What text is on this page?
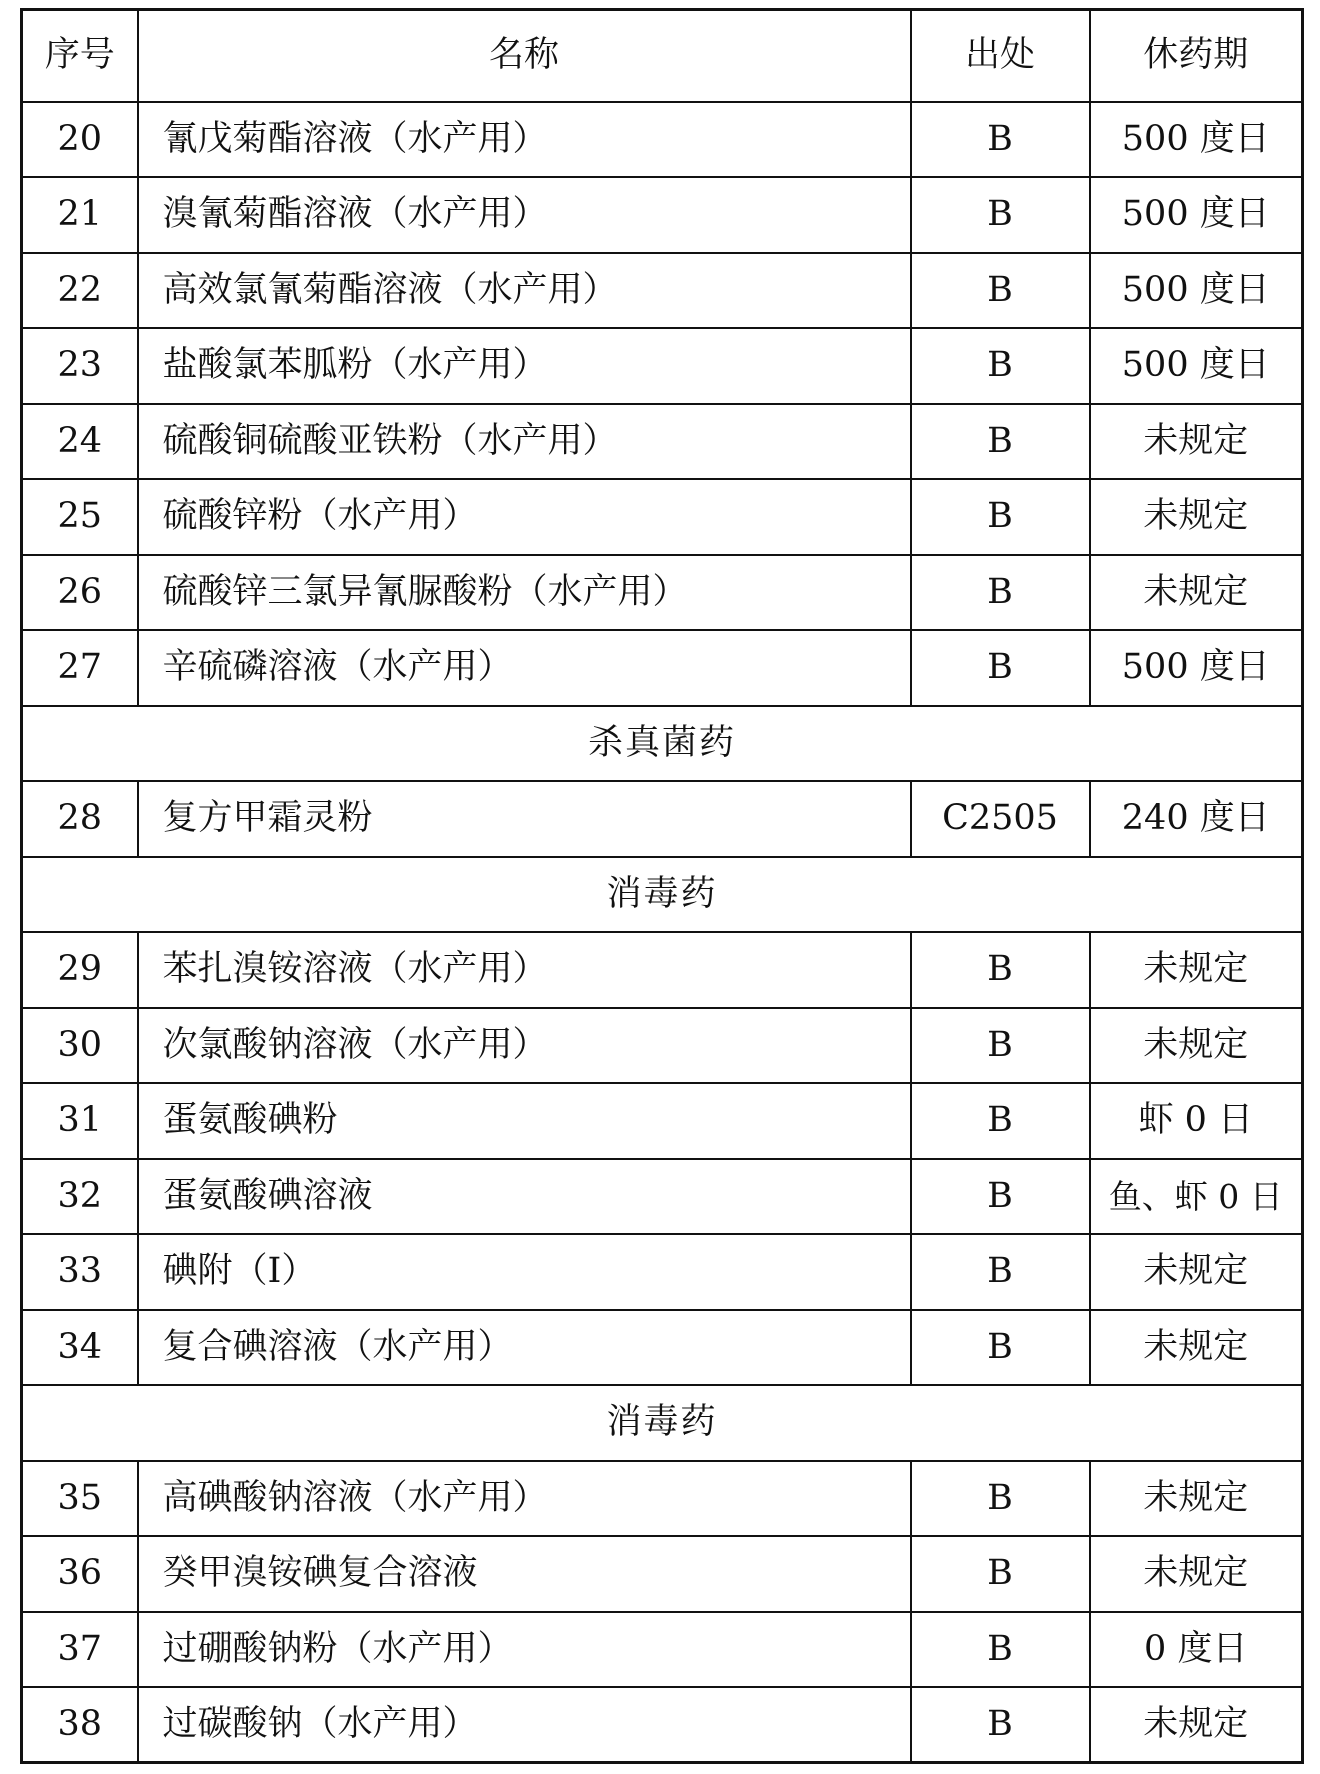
序号	名称	出处	休药期
20	氰戊菊酯溶液（水产用）	B	500 度日
21	溴氰菊酯溶液（水产用）	B	500 度日
22	高效氯氰菊酯溶液（水产用）	B	500 度日
23	盐酸氯苯胍粉（水产用）	B	500 度日
24	硫酸铜硫酸亚铁粉（水产用）	B	未规定
25	硫酸锌粉（水产用）	B	未规定
26	硫酸锌三氯异氰脲酸粉（水产用）	B	未规定
27	辛硫磷溶液（水产用）	B	500 度日
杀真菌药			
28	复方甲霜灵粉	C2505	240 度日
消毒药			
29	苯扎溴铵溶液（水产用）	B	未规定
30	次氯酸钠溶液（水产用）	B	未规定
31	蛋氨酸碘粉	B	虾 0 日
32	蛋氨酸碘溶液	B	鱼、虾 0 日
33	碘附（Ⅰ）	B	未规定
34	复合碘溶液（水产用）	B	未规定
消毒药			
35	高碘酸钠溶液（水产用）	B	未规定
36	癸甲溴铵碘复合溶液	B	未规定
37	过硼酸钠粉（水产用）	B	0 度日
38	过碳酸钠（水产用）	B	未规定
